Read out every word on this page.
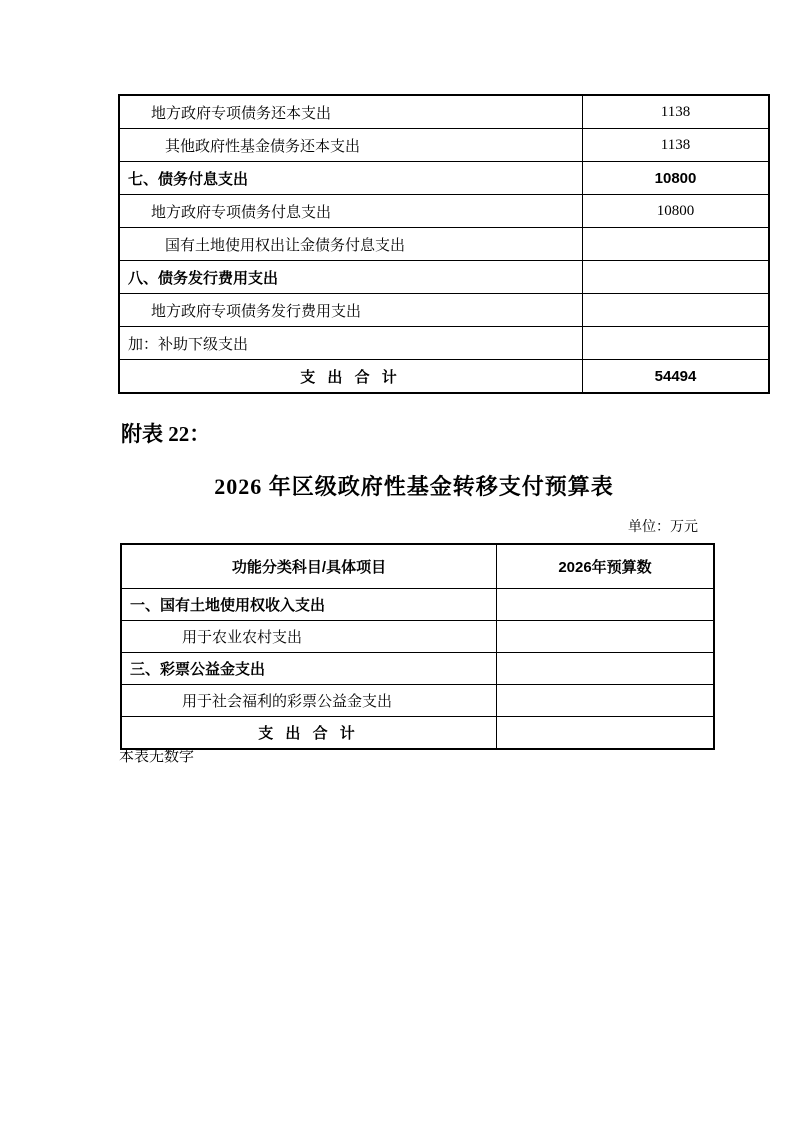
地方政府专项债务还本支出	1138
其他政府性基金债务还本支出	1138
七、债务付息支出	10800
地方政府专项债务付息支出	10800
国有土地使用权出让金债务付息支出	
八、债务发行费用支出	
地方政府专项债务发行费用支出	
加：补助下级支出	
支 出 合 计	54494
附表 22：
2026 年区级政府性基金转移支付预算表
单位：万元
功能分类科目/具体项目	2026年预算数
一、国有土地使用权收入支出	
用于农业农村支出	
三、彩票公益金支出	
用于社会福利的彩票公益金支出	
支 出 合 计	
本表无数字
